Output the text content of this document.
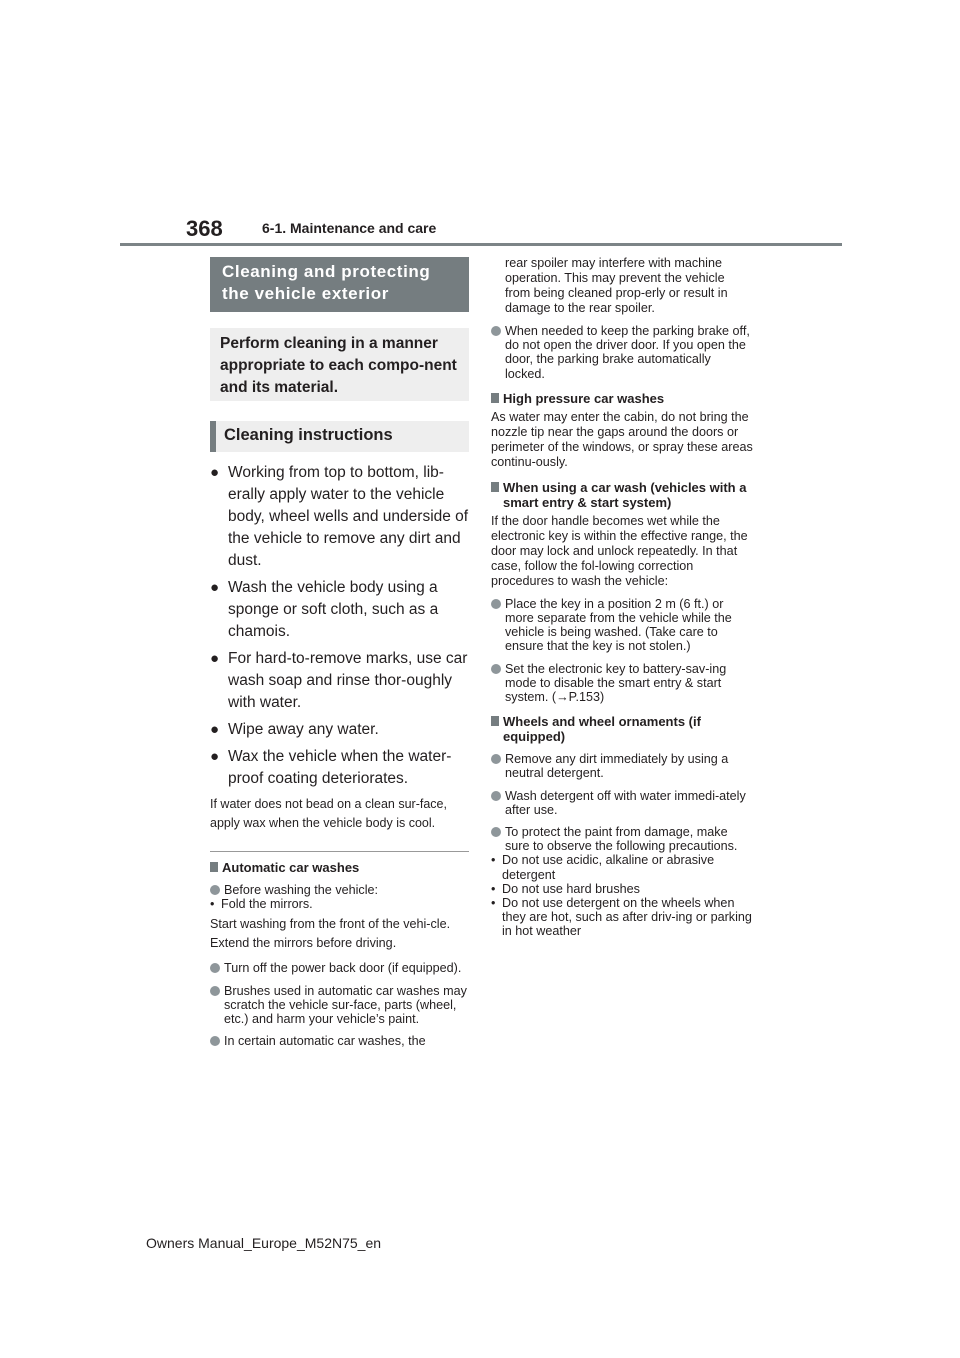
368	6-1. Maintenance and care
Cleaning and protecting the vehicle exterior
Perform cleaning in a manner appropriate to each compo-nent and its material.
Cleaning instructions
● Working from top to bottom, lib-erally apply water to the vehicle body, wheel wells and underside of the vehicle to remove any dirt and dust.
● Wash the vehicle body using a sponge or soft cloth, such as a chamois.
● For hard-to-remove marks, use car wash soap and rinse thor-oughly with water.
● Wipe away any water.
● Wax the vehicle when the water-proof coating deteriorates.
If water does not bead on a clean sur-face, apply wax when the vehicle body is cool.
Automatic car washes
Before washing the vehicle:
• Fold the mirrors.
Start washing from the front of the vehi-cle. Extend the mirrors before driving.
Turn off the power back door (if equipped).
Brushes used in automatic car washes may scratch the vehicle sur-face, parts (wheel, etc.) and harm your vehicle’s paint.
In certain automatic car washes, the
rear spoiler may interfere with machine operation. This may prevent the vehicle from being cleaned prop-erly or result in damage to the rear spoiler.
When needed to keep the parking brake off, do not open the driver door. If you open the door, the parking brake automatically locked.
High pressure car washes
As water may enter the cabin, do not bring the nozzle tip near the gaps around the doors or perimeter of the windows, or spray these areas continu-ously.
When using a car wash (vehicles with a smart entry & start system)
If the door handle becomes wet while the electronic key is within the effective range, the door may lock and unlock repeatedly. In that case, follow the fol-lowing correction procedures to wash the vehicle:
Place the key in a position 2 m (6 ft.) or more separate from the vehicle while the vehicle is being washed. (Take care to ensure that the key is not stolen.)
Set the electronic key to battery-sav-ing mode to disable the smart entry & start system. (→P.153)
Wheels and wheel ornaments (if equipped)
Remove any dirt immediately by using a neutral detergent.
Wash detergent off with water immedi-ately after use.
To protect the paint from damage, make sure to observe the following precautions.
• Do not use acidic, alkaline or abrasive detergent
• Do not use hard brushes
• Do not use detergent on the wheels when they are hot, such as after driv-ing or parking in hot weather
Owners Manual_Europe_M52N75_en
